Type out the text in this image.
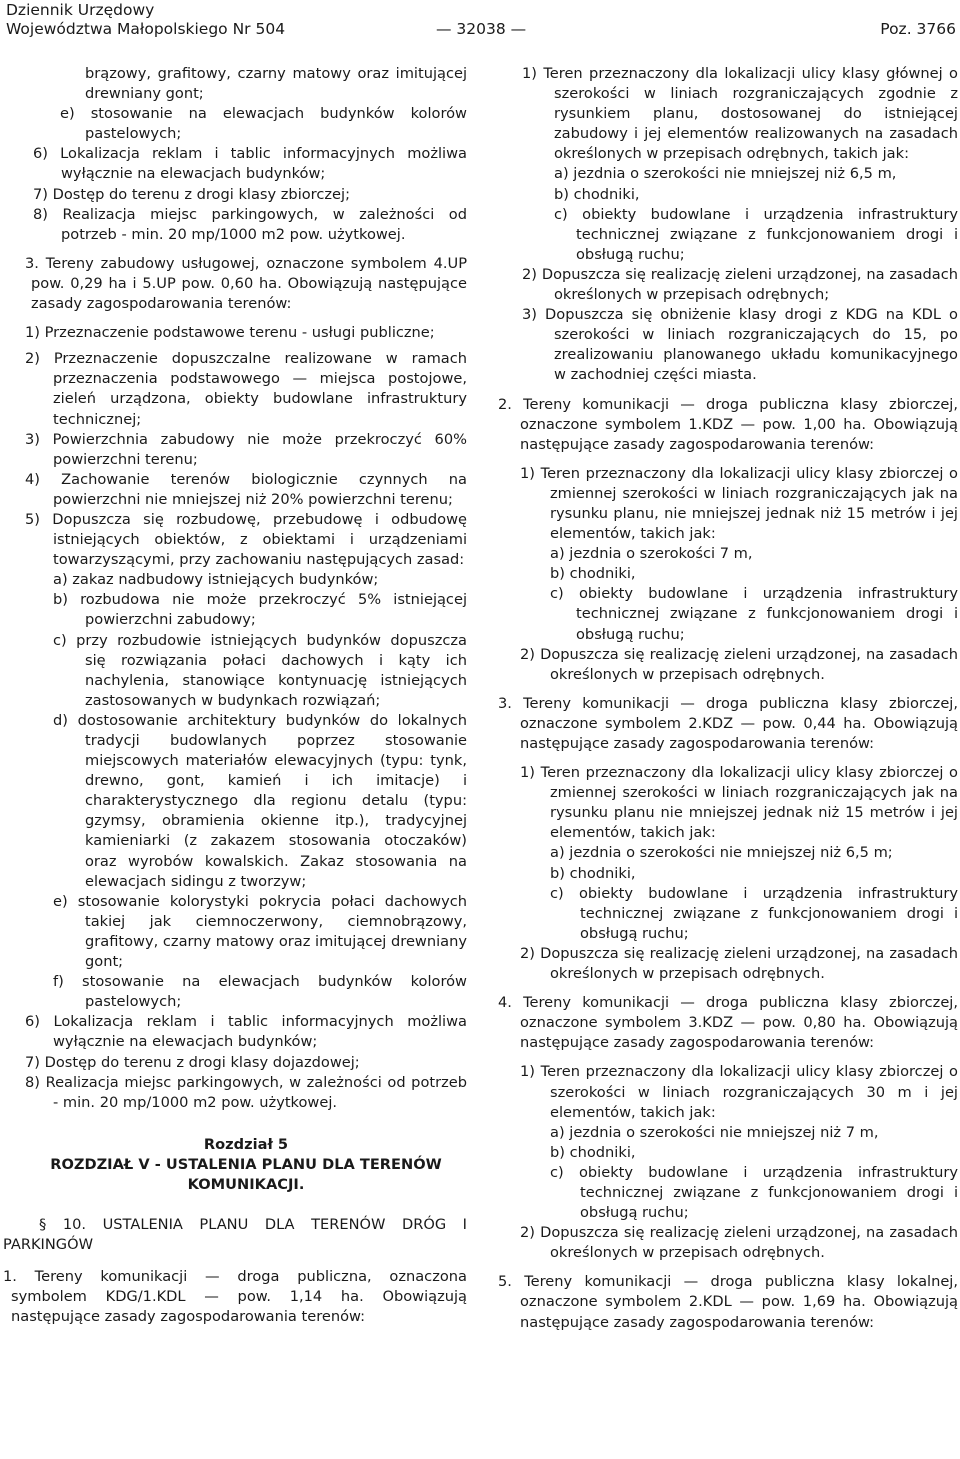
Dziennik Urzędowy
Województwa Małopolskiego Nr 504	— 32038 —	Poz. 3766

brązowy, grafitowy, czarny matowy oraz imitującej drewniany gont;

e) stosowanie na elewacjach budynków kolorów pastelowych;

6) Lokalizacja reklam i tablic informacyjnych możliwa wyłącznie na elewacjach budynków;

7) Dostęp do terenu z drogi klasy zbiorczej;

8) Realizacja miejsc parkingowych, w zależności od potrzeb - min. 20 mp/1000 m2 pow. użytkowej.

3. Tereny zabudowy usługowej, oznaczone symbolem 4.UP pow. 0,29 ha i 5.UP pow. 0,60 ha. Obowiązują następujące zasady zagospodarowania terenów:

1) Przeznaczenie podstawowe terenu - usługi publiczne;

2) Przeznaczenie dopuszczalne realizowane w ramach przeznaczenia podstawowego — miejsca postojowe, zieleń urządzona, obiekty budowlane infrastruktury technicznej;

3) Powierzchnia zabudowy nie może przekroczyć 60% powierzchni terenu;

4) Zachowanie terenów biologicznie czynnych na powierzchni nie mniejszej niż 20% powierzchni terenu;

5) Dopuszcza się rozbudowę, przebudowę i odbudowę istniejących obiektów, z obiektami i urządzeniami towarzyszącymi, przy zachowaniu następujących zasad:

a) zakaz nadbudowy istniejących budynków;

b) rozbudowa nie może przekroczyć 5% istniejącej powierzchni zabudowy;

c) przy rozbudowie istniejących budynków dopuszcza się rozwiązania połaci dachowych i kąty ich nachylenia, stanowiące kontynuację istniejących zastosowanych w budynkach rozwiązań;

d) dostosowanie architektury budynków do lokalnych tradycji budowlanych poprzez stosowanie miejscowych materiałów elewacyjnych (typu: tynk, drewno, gont, kamień i ich imitacje) i charakterystycznego dla regionu detalu (typu: gzymsy, obramienia okienne itp.), tradycyjnej kamieniarki (z zakazem stosowania otoczaków) oraz wyrobów kowalskich. Zakaz stosowania na elewacjach sidingu z tworzyw;

e) stosowanie kolorystyki pokrycia połaci dachowych takiej jak ciemnoczerwony, ciemnobrązowy, grafitowy, czarny matowy oraz imitującej drewniany gont;

f) stosowanie na elewacjach budynków kolorów pastelowych;

6) Lokalizacja reklam i tablic informacyjnych możliwa wyłącznie na elewacjach budynków;

7) Dostęp do terenu z drogi klasy dojazdowej;

8) Realizacja miejsc parkingowych, w zależności od potrzeb - min. 20 mp/1000 m2 pow. użytkowej.

Rozdział 5

ROZDZIAŁ V - USTALENIA PLANU DLA TERENÓW KOMUNIKACJI.

§ 10. USTALENIA PLANU DLA TERENÓW DRÓG I PARKINGÓW

1. Tereny komunikacji — droga publiczna, oznaczona symbolem KDG/1.KDL — pow. 1,14 ha. Obowiązują następujące zasady zagospodarowania terenów:

1) Teren przeznaczony dla lokalizacji ulicy klasy głównej o szerokości w liniach rozgraniczających zgodnie z rysunkiem planu, dostosowanej do istniejącej zabudowy i jej elementów realizowanych na zasadach określonych w przepisach odrębnych, takich jak:

a) jezdnia o szerokości nie mniejszej niż 6,5 m,

b) chodniki,

c) obiekty budowlane i urządzenia infrastruktury technicznej związane z funkcjonowaniem drogi i obsługą ruchu;

2) Dopuszcza się realizację zieleni urządzonej, na zasadach określonych w przepisach odrębnych;

3) Dopuszcza się obniżenie klasy drogi z KDG na KDL o szerokości w liniach rozgraniczających do 15, po zrealizowaniu planowanego układu komunikacyjnego w zachodniej części miasta.

2. Tereny komunikacji — droga publiczna klasy zbiorczej, oznaczone symbolem 1.KDZ — pow. 1,00 ha. Obowiązują następujące zasady zagospodarowania terenów:

1) Teren przeznaczony dla lokalizacji ulicy klasy zbiorczej o zmiennej szerokości w liniach rozgraniczających jak na rysunku planu, nie mniejszej jednak niż 15 metrów i jej elementów, takich jak:

a) jezdnia o szerokości 7 m,

b) chodniki,

c) obiekty budowlane i urządzenia infrastruktury technicznej związane z funkcjonowaniem drogi i obsługą ruchu;

2) Dopuszcza się realizację zieleni urządzonej, na zasadach określonych w przepisach odrębnych.

3. Tereny komunikacji — droga publiczna klasy zbiorczej, oznaczone symbolem 2.KDZ — pow. 0,44 ha. Obowiązują następujące zasady zagospodarowania terenów:

1) Teren przeznaczony dla lokalizacji ulicy klasy zbiorczej o zmiennej szerokości w liniach rozgraniczających jak na rysunku planu nie mniejszej jednak niż 15 metrów i jej elementów, takich jak:

a) jezdnia o szerokości nie mniejszej niż 6,5 m;

b) chodniki,

c) obiekty budowlane i urządzenia infrastruktury technicznej związane z funkcjonowaniem drogi i obsługą ruchu;

2) Dopuszcza się realizację zieleni urządzonej, na zasadach określonych w przepisach odrębnych.

4. Tereny komunikacji — droga publiczna klasy zbiorczej, oznaczone symbolem 3.KDZ — pow. 0,80 ha. Obowiązują następujące zasady zagospodarowania terenów:

1) Teren przeznaczony dla lokalizacji ulicy klasy zbiorczej o szerokości w liniach rozgraniczających 30 m i jej elementów, takich jak:

a) jezdnia o szerokości nie mniejszej niż 7 m,

b) chodniki,

c) obiekty budowlane i urządzenia infrastruktury technicznej związane z funkcjonowaniem drogi i obsługą ruchu;

2) Dopuszcza się realizację zieleni urządzonej, na zasadach określonych w przepisach odrębnych.

5. Tereny komunikacji — droga publiczna klasy lokalnej, oznaczone symbolem 2.KDL — pow. 1,69 ha. Obowiązują następujące zasady zagospodarowania terenów:
